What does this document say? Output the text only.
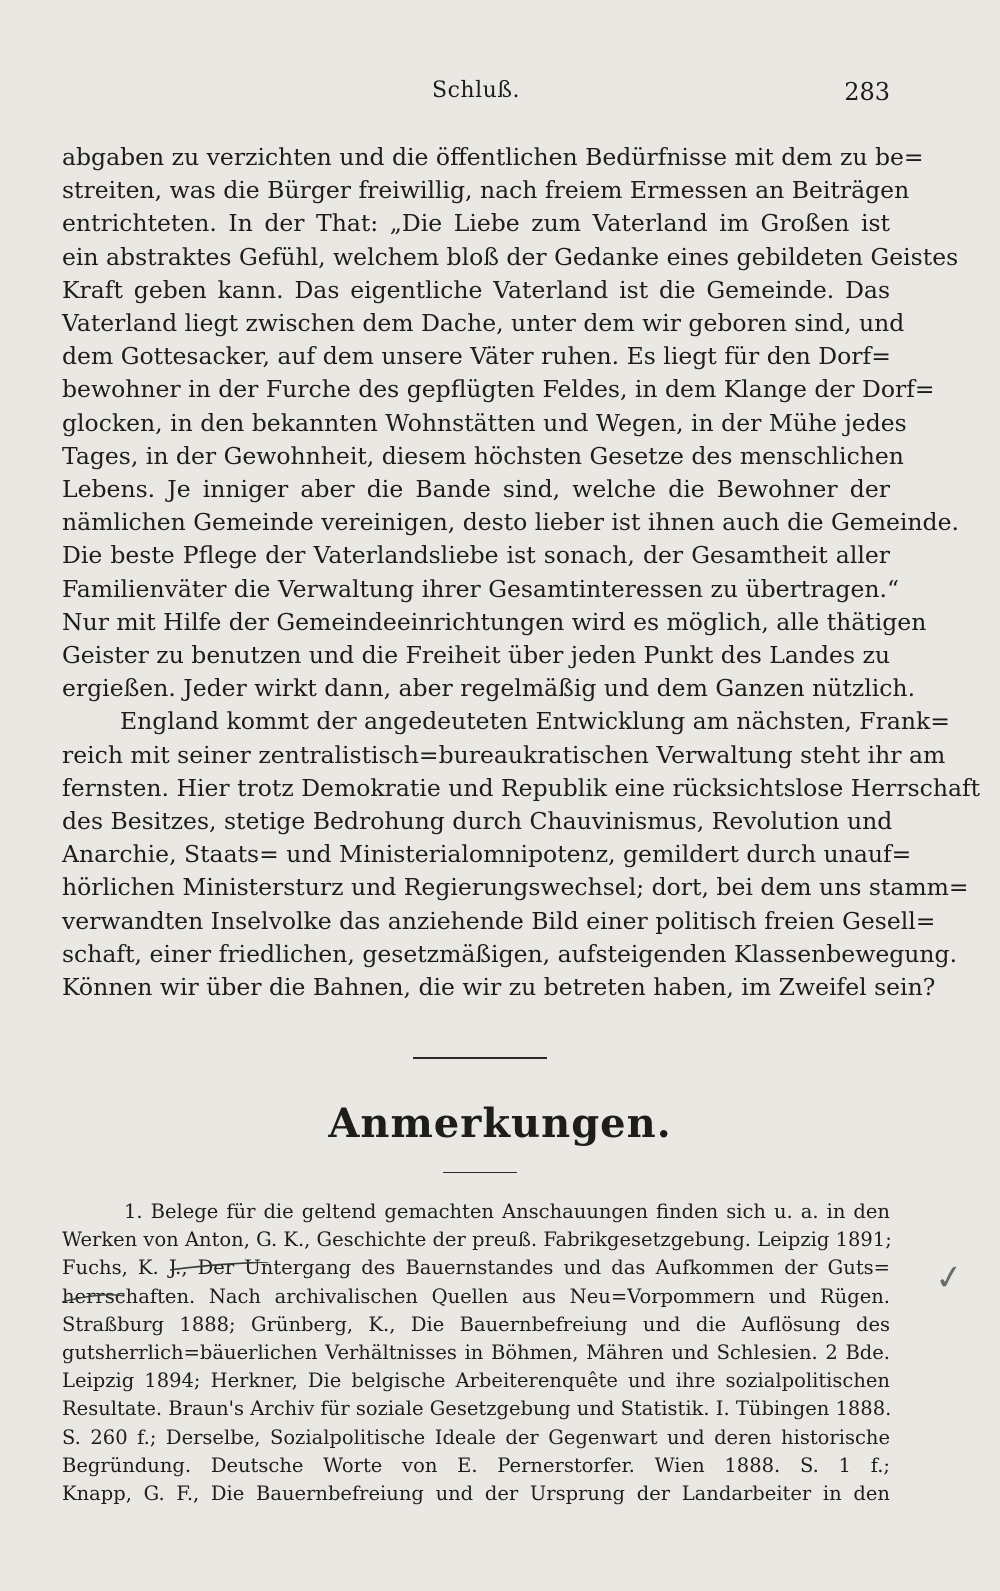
Schluß.	283
abgaben zu verzichten und die öffentlichen Bedürfnisse mit dem zu be=
streiten, was die Bürger freiwillig, nach freiem Ermessen an Beiträgen
entrichteten. In der That: „Die Liebe zum Vaterland im Großen ist
ein abstraktes Gefühl, welchem bloß der Gedanke eines gebildeten Geistes
Kraft geben kann. Das eigentliche Vaterland ist die Gemeinde. Das
Vaterland liegt zwischen dem Dache, unter dem wir geboren sind, und
dem Gottesacker, auf dem unsere Väter ruhen. Es liegt für den Dorf=
bewohner in der Furche des gepflügten Feldes, in dem Klange der Dorf=
glocken, in den bekannten Wohnstätten und Wegen, in der Mühe jedes
Tages, in der Gewohnheit, diesem höchsten Gesetze des menschlichen
Lebens. Je inniger aber die Bande sind, welche die Bewohner der
nämlichen Gemeinde vereinigen, desto lieber ist ihnen auch die Gemeinde.
Die beste Pflege der Vaterlandsliebe ist sonach, der Gesamtheit aller
Familienväter die Verwaltung ihrer Gesamtinteressen zu übertragen.“
Nur mit Hilfe der Gemeindeeinrichtungen wird es möglich, alle thätigen
Geister zu benutzen und die Freiheit über jeden Punkt des Landes zu
ergießen. Jeder wirkt dann, aber regelmäßig und dem Ganzen nützlich.
England kommt der angedeuteten Entwicklung am nächsten, Frank=
reich mit seiner zentralistisch=bureaukratischen Verwaltung steht ihr am
fernsten. Hier trotz Demokratie und Republik eine rücksichtslose Herrschaft
des Besitzes, stetige Bedrohung durch Chauvinismus, Revolution und
Anarchie, Staats= und Ministerialomnipotenz, gemildert durch unauf=
hörlichen Ministersturz und Regierungswechsel; dort, bei dem uns stamm=
verwandten Inselvolke das anziehende Bild einer politisch freien Gesell=
schaft, einer friedlichen, gesetzmäßigen, aufsteigenden Klassenbewegung.
Können wir über die Bahnen, die wir zu betreten haben, im Zweifel sein?
Anmerkungen.
1. Belege für die geltend gemachten Anschauungen finden sich u. a. in den
Werken von Anton, G. K., Geschichte der preuß. Fabrikgesetzgebung. Leipzig 1891;
Fuchs, K. J., Der Untergang des Bauernstandes und das Aufkommen der Guts=
herrschaften. Nach archivalischen Quellen aus Neu=Vorpommern und Rügen.
Straßburg 1888; Grünberg, K., Die Bauernbefreiung und die Auflösung des
gutsherrlich=bäuerlichen Verhältnisses in Böhmen, Mähren und Schlesien. 2 Bde.
Leipzig 1894; Herkner, Die belgische Arbeiterenquête und ihre sozialpolitischen
Resultate. Braun's Archiv für soziale Gesetzgebung und Statistik. I. Tübingen 1888.
S. 260 f.; Derselbe, Sozialpolitische Ideale der Gegenwart und deren historische
Begründung. Deutsche Worte von E. Pernerstorfer. Wien 1888. S. 1 f.;
Knapp, G. F., Die Bauernbefreiung und der Ursprung der Landarbeiter in den
✓
